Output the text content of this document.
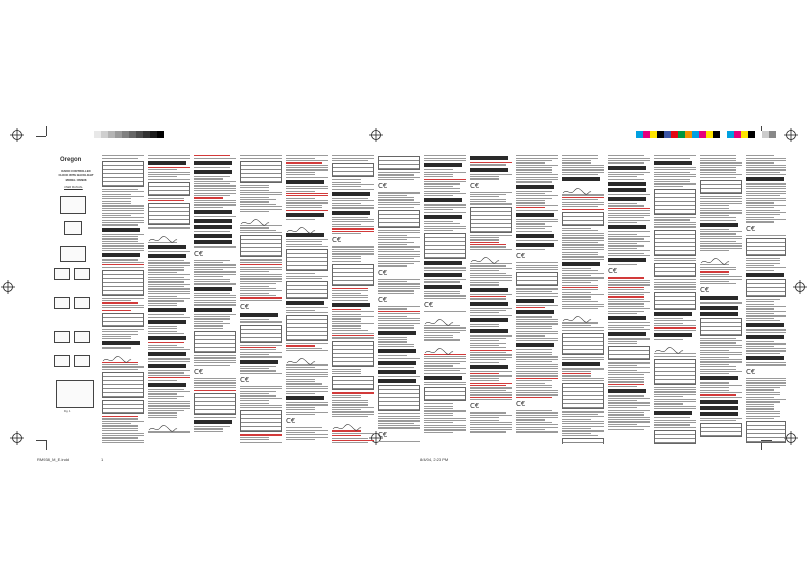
Oregon
RADIO CONTROLLED CLOCK WITH BACKLIGHT
MODEL: RM938
USER MANUAL
Fig. 1
C€
C€
C€
C€
C€
C€
C€
C€
C€
C€
C€
C€
C€
C€
C€
C€
C€
C€
C€
RM938_M_E.indd	1	8/4/04, 2:23 PM
